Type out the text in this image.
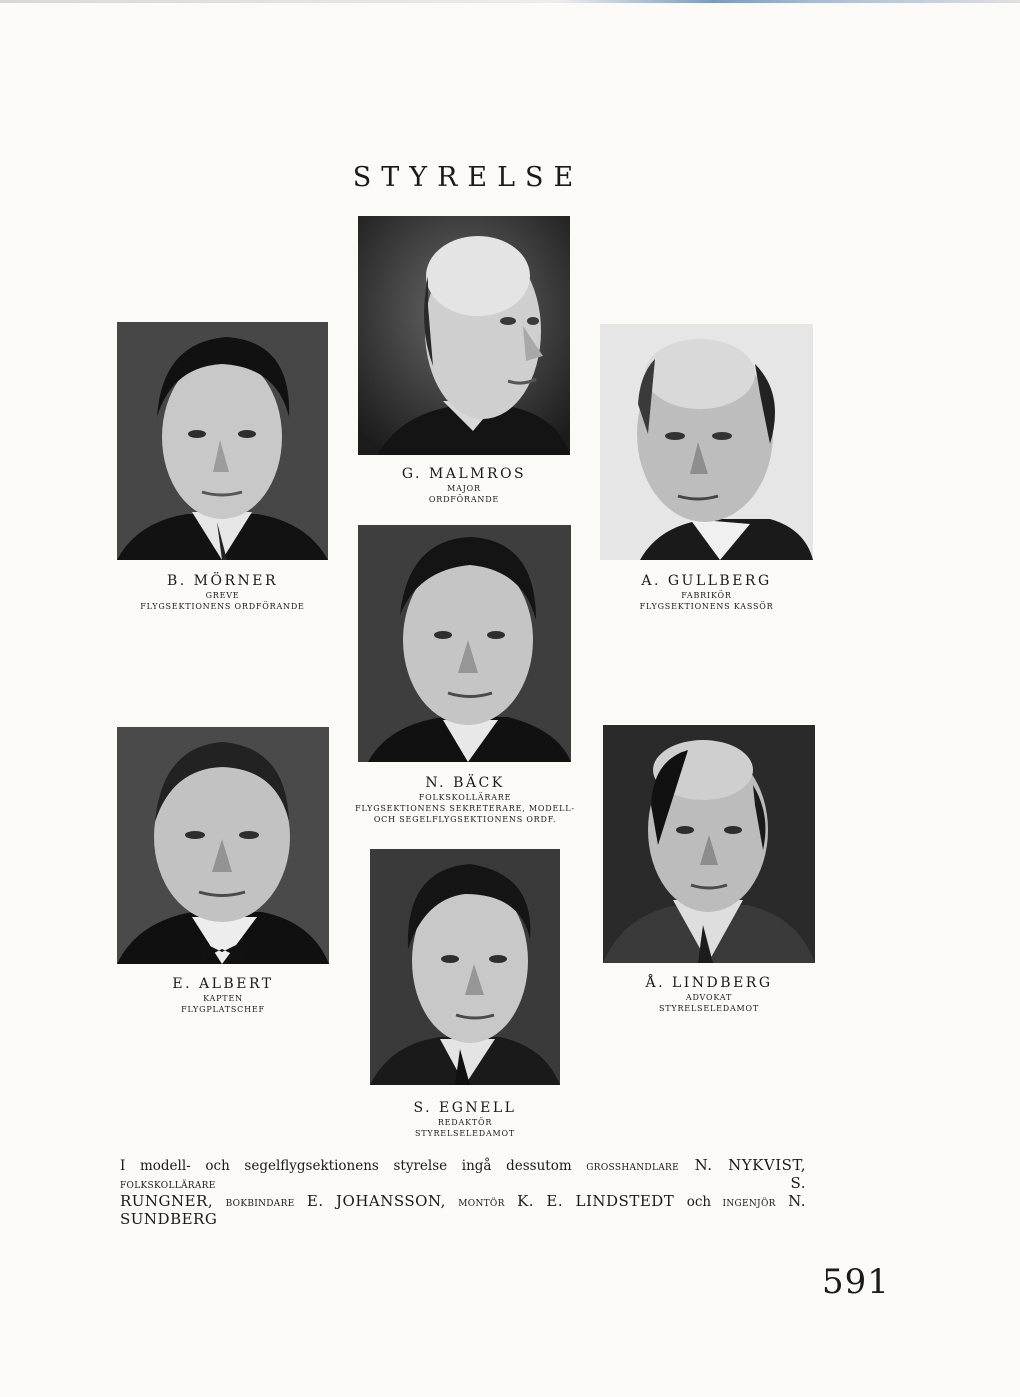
STYRELSE
G. MALMROS
MAJOR
ORDFÖRANDE
B. MÖRNER
GREVE
FLYGSEKTIONENS ORDFÖRANDE
A. GULLBERG
FABRIKÖR
FLYGSEKTIONENS KASSÖR
N. BÄCK
FOLKSKOLLÄRARE
FLYGSEKTIONENS SEKRETERARE, MODELL-
OCH SEGELFLYGSEKTIONENS ORDF.
E. ALBERT
KAPTEN
FLYGPLATSCHEF
Å. LINDBERG
ADVOKAT
STYRELSELEDAMOT
S. EGNELL
REDAKTÖR
STYRELSELEDAMOT
I modell- och segelflygsektionens styrelse ingå dessutom GROSSHANDLARE N. NYKVIST, FOLKSKOLLÄRARE S.
RUNGNER, BOKBINDARE E. JOHANSSON, MONTÖR K. E. LINDSTEDT och INGENJÖR N. SUNDBERG
591
